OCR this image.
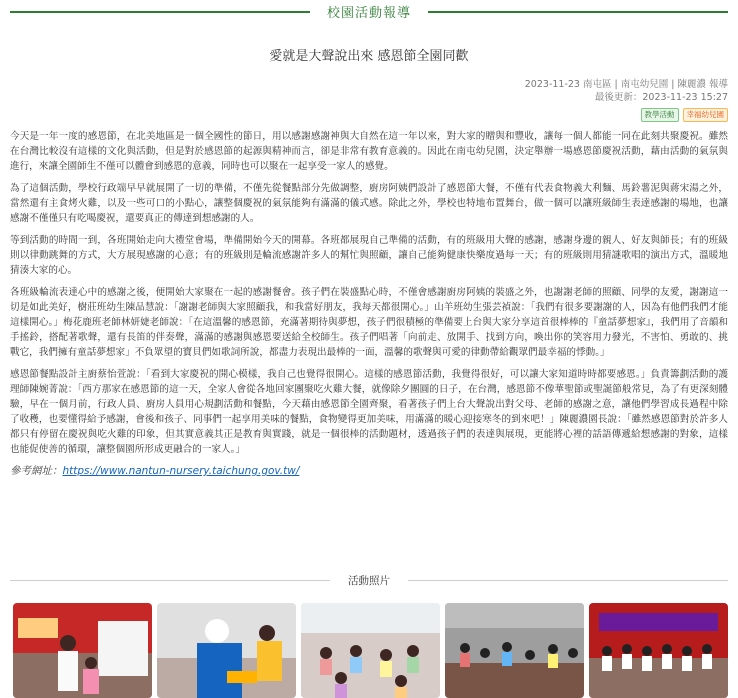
校園活動報導
愛就是大聲說出來 感恩節全園同歡
2023-11-23 南屯區 | 南屯幼兒園 | 陳麗濃 報導
最後更新：2023-11-23 15:27
教學活動	幸福幼兒園

今天是一年一度的感恩節，在北美地區是一個全國性的節日，用以感謝感謝神與大自然在這一年以來，對大家的贈與和豐收，讓每一個人都能一同在此刻共聚慶祝。雖然在台灣比較沒有這樣的文化與活動，但是對於感恩節的起源與精神而言，卻是非常有教育意義的。因此在南屯幼兒園，決定舉辦一場感恩節慶祝活動，藉由活動的氣氛與進行，來讓全園師生不僅可以體會到感恩的意義，同時也可以聚在一起享受一家人的感覺。

為了這個活動，學校行政端早早就展開了一切的準備，不僅先從餐點部分先做調整，廚房阿姨們設計了感恩節大餐，不僅有代表食物義大利麵、馬鈴薯泥與蔣宋湯之外，當然還有主食烤火雞，以及一些可口的小點心，讓整個慶祝的氣氛能夠有滿滿的儀式感。除此之外，學校也特地布置舞台，做一個可以讓班級師生表達感謝的場地，也讓感謝不僅僅只有吃喝慶祝，還要真正的傳達到想感謝的人。

等到活動的時間一到，各班開始走向大禮堂會場，準備開始今天的開幕。各班都展現自己準備的活動，有的班級用大聲的感謝，感謝身邊的親人、好友與師長；有的班級則以律動跳舞的方式，大方展現感謝的心意；有的班級則是輪流感謝許多人的幫忙與照顧，讓自己能夠健康快樂度過每一天；有的班級則用猜謎歌唱的演出方式，溫暖地猜湊大家的心。

各班級輪流表達心中的感謝之後，便開始大家聚在一起的感謝餐會。孩子們在裝盛點心時，不僅會感謝廚房阿姨的裝盛之外，也謝謝老師的照顧、同學的友愛，謝謝這一切是如此美好，樹莊班幼生陳品慧說：「謝謝老師與大家照顧我，和我當好朋友，我每天都很開心。」山羊班幼生張芸禎說：「我們有很多要謝謝的人，因為有他們我們才能這樣開心。」梅花鹿班老師林妍婕老師說：「在這溫馨的感恩節，充滿著期待與夢想，孩子們很積極的準備要上台與大家分享這首很棒棒的『童話夢想家』，我們用了音韻和手搖鈴，搭配著歌聲，還有長笛的伴奏聲，滿滿的感謝與感恩要送給全校師生。孩子們唱著「向前走、放開手、找到方向，喚出你的笑容用力發光，不害怕、勇敢的、挑戰它，我們擁有童話夢想家」不負眾望的寶貝們如歌詞所說，都盡力表現出最棒的一面，溫馨的歌聲與可愛的律動帶給觀眾們最幸福的悸動。」

感恩節餐點設計主廚蔡怡萱說：「看到大家慶祝的開心模樣，我自己也覺得很開心。這樣的感恩節活動，我覺得很好，可以讓大家知道時時都要感恩。」負責籌劃活動的護理師陳婉菁說：「西方那家在感恩節的這一天，全家人會從各地回家團聚吃火雞大餐，就像除夕團圓的日子，在台灣，感恩節不像華聖節或聖誕節般常見，為了有更深刻體驗，早在一個月前，行政人員、廚房人員用心規劃活動和餐點，今天藉由感恩節全園齊聚，看著孩子們上台大聲說出對父母、老師的感謝之意，讓他們學習成長過程中除了收穫，也要懂得給予感謝，會後和孩子、同事們一起享用美味的餐點，食物變得更加美味，用滿滿的暖心迎接寒冬的到來吧！」陳麗濃園長說：「雖然感恩節對於許多人都只有停留在慶祝與吃火雞的印象，但其實意義其正是教育與實踐，就是一個很棒的活動題材，透過孩子們的表達與展現，更能將心裡的話語傳遞給想感謝的對象，這樣也能促使善的循環，讓整個園所形成更融合的一家人。」

參考網址：https://www.nantun-nursery.taichung.gov.tw/

活動照片
